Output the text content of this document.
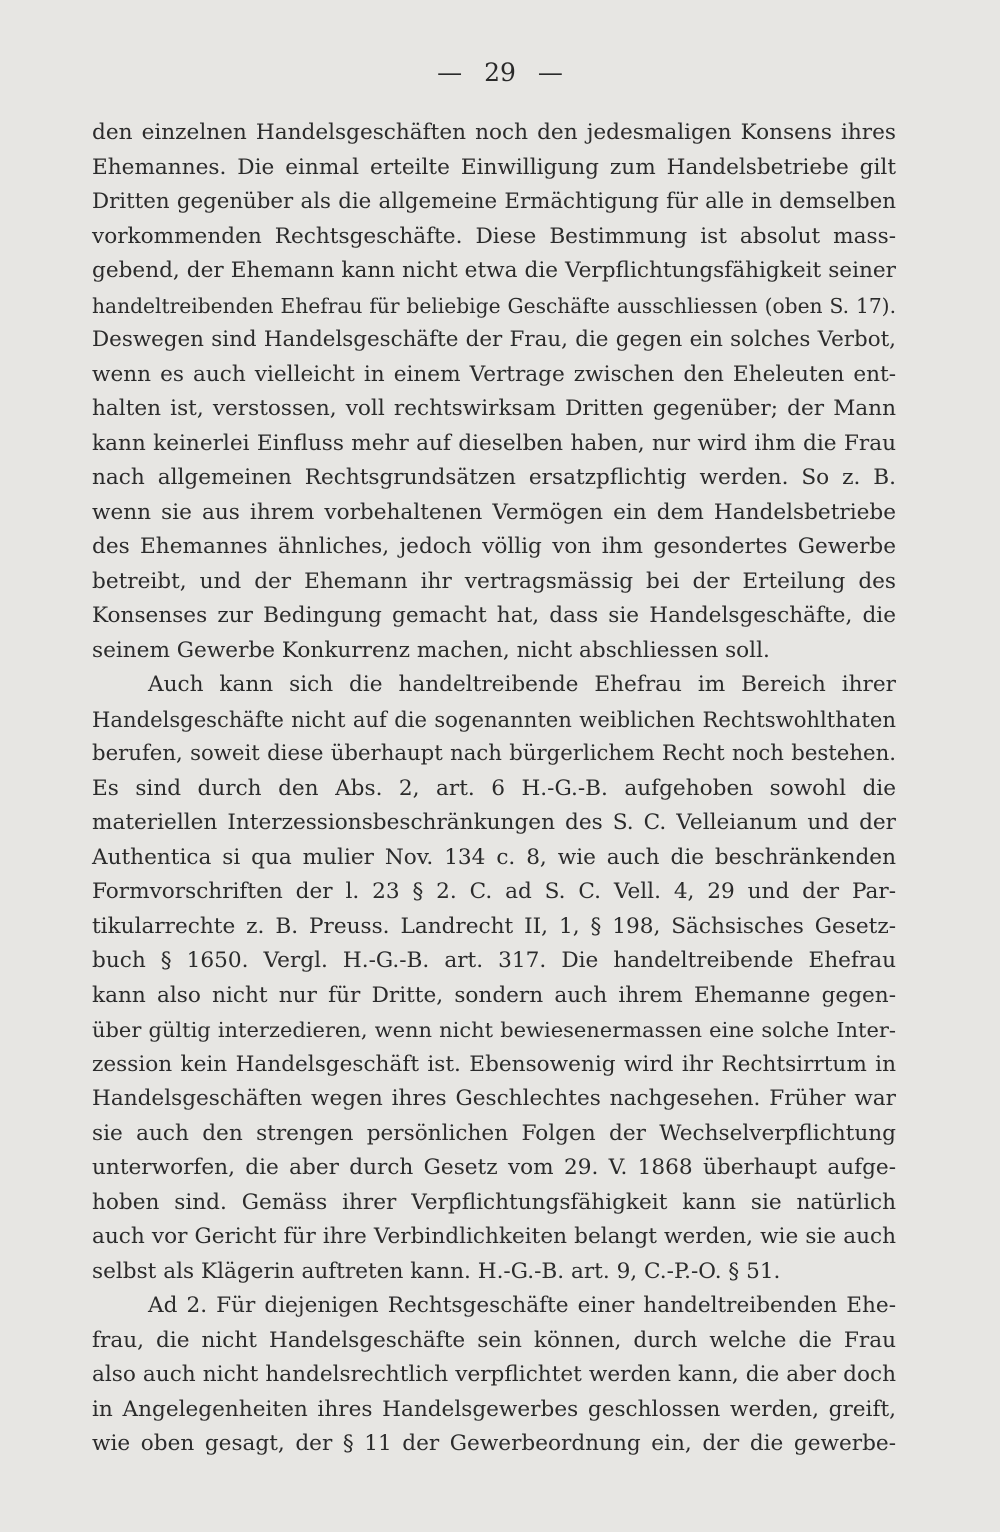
— 29 —
den einzelnen Handelsgeschäften noch den jedesmaligen Konsens ihres
Ehemannes. Die einmal erteilte Einwilligung zum Handelsbetriebe gilt
Dritten gegenüber als die allgemeine Ermächtigung für alle in demselben
vorkommenden Rechtsgeschäfte. Diese Bestimmung ist absolut mass-
gebend, der Ehemann kann nicht etwa die Verpflichtungsfähigkeit seiner
handeltreibenden Ehefrau für beliebige Geschäfte ausschliessen (oben S. 17).
Deswegen sind Handelsgeschäfte der Frau, die gegen ein solches Verbot,
wenn es auch vielleicht in einem Vertrage zwischen den Eheleuten ent-
halten ist, verstossen, voll rechtswirksam Dritten gegenüber; der Mann
kann keinerlei Einfluss mehr auf dieselben haben, nur wird ihm die Frau
nach allgemeinen Rechtsgrundsätzen ersatzpflichtig werden. So z. B.
wenn sie aus ihrem vorbehaltenen Vermögen ein dem Handelsbetriebe
des Ehemannes ähnliches, jedoch völlig von ihm gesondertes Gewerbe
betreibt, und der Ehemann ihr vertragsmässig bei der Erteilung des
Konsenses zur Bedingung gemacht hat, dass sie Handelsgeschäfte, die
seinem Gewerbe Konkurrenz machen, nicht abschliessen soll.
Auch kann sich die handeltreibende Ehefrau im Bereich ihrer
Handelsgeschäfte nicht auf die sogenannten weiblichen Rechtswohlthaten
berufen, soweit diese überhaupt nach bürgerlichem Recht noch bestehen.
Es sind durch den Abs. 2, art. 6 H.-G.-B. aufgehoben sowohl die
materiellen Interzessionsbeschränkungen des S. C. Velleianum und der
Authentica si qua mulier Nov. 134 c. 8, wie auch die beschränkenden
Formvorschriften der l. 23 § 2. C. ad S. C. Vell. 4, 29 und der Par-
tikularrechte z. B. Preuss. Landrecht II, 1, § 198, Sächsisches Gesetz-
buch § 1650. Vergl. H.-G.-B. art. 317. Die handeltreibende Ehefrau
kann also nicht nur für Dritte, sondern auch ihrem Ehemanne gegen-
über gültig interzedieren, wenn nicht bewiesenermassen eine solche Inter-
zession kein Handelsgeschäft ist. Ebensowenig wird ihr Rechtsirrtum in
Handelsgeschäften wegen ihres Geschlechtes nachgesehen. Früher war
sie auch den strengen persönlichen Folgen der Wechselverpflichtung
unterworfen, die aber durch Gesetz vom 29. V. 1868 überhaupt aufge-
hoben sind. Gemäss ihrer Verpflichtungsfähigkeit kann sie natürlich
auch vor Gericht für ihre Verbindlichkeiten belangt werden, wie sie auch
selbst als Klägerin auftreten kann. H.-G.-B. art. 9, C.-P.-O. § 51.
Ad 2. Für diejenigen Rechtsgeschäfte einer handeltreibenden Ehe-
frau, die nicht Handelsgeschäfte sein können, durch welche die Frau
also auch nicht handelsrechtlich verpflichtet werden kann, die aber doch
in Angelegenheiten ihres Handelsgewerbes geschlossen werden, greift,
wie oben gesagt, der § 11 der Gewerbeordnung ein, der die gewerbe-
